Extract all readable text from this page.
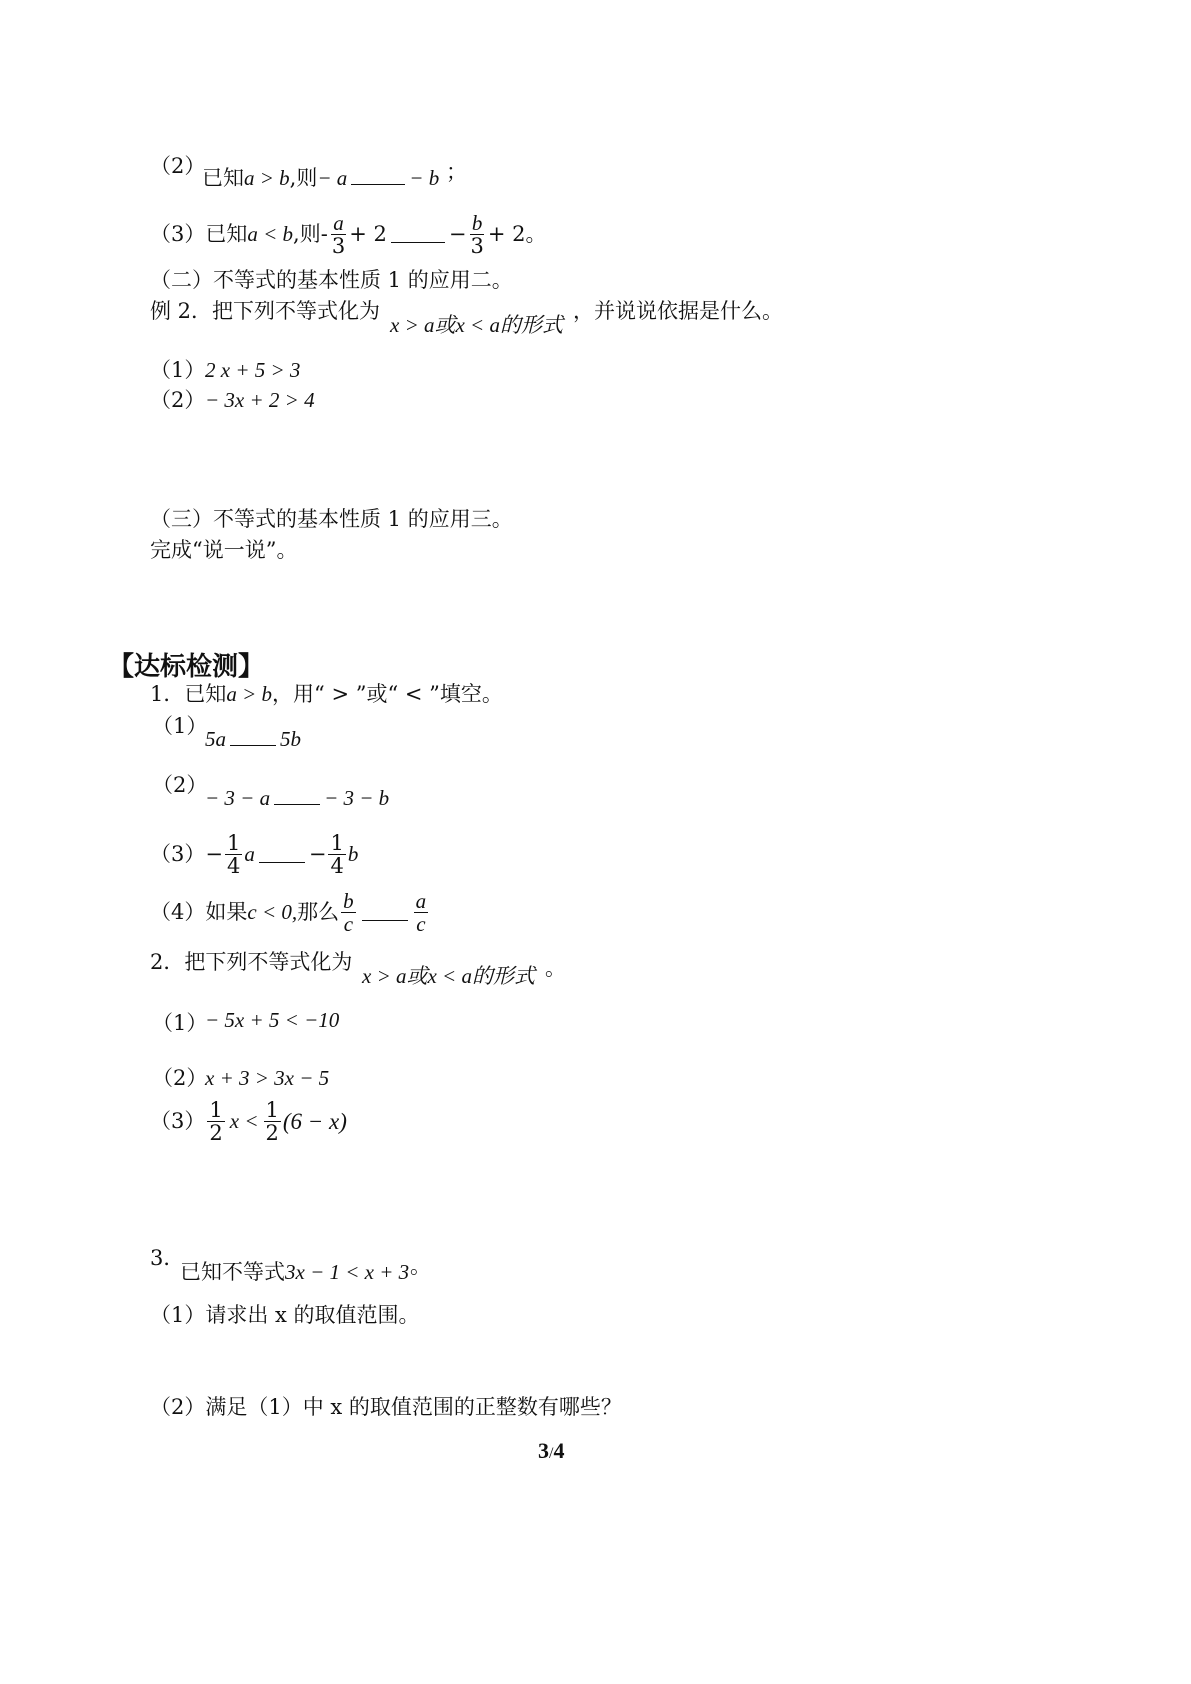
（2）
已知a > b,则− a	− b ；
（3） 已知 a < b ,则 - $\frac{a}{3} + 2$	− $\frac{b}{3} + 2$ 。
（二）不等式的基本性质 1 的应用二。
例 2．把下列不等式化为
x > a或x < a的形式
，并说说依据是什么。
（1） 2 x + 5 > 3
（2） − 3x + 2 > 4
（三）不等式的基本性质 1 的应用三。
完成“说一说”。
【达标检测】
1．已知a > b，用“ > ”或“ < ”填空。
（1）
5a	5b
（2）
− 3 − a	− 3 − b
$(3) - \frac{1}{4}$ a	− $\frac{1}{4}$ b
（4） 如果 c < 0, 那么 $\frac{b}{c}$	$\frac{a}{c}$
2．把下列不等式化为
x > a或x < a的形式 。
（1）
− 5x + 5 < −10
（2）
x + 3 > 3x − 5
$(3) \frac{1}{2}$ $x < \frac{1}{2} (6 - x)$
3．
已知不等式3x − 1 < x + 3 。
（1）请求出 x 的取值范围。
（2）满足（1）中 x 的取值范围的正整数有哪些？
3/4
